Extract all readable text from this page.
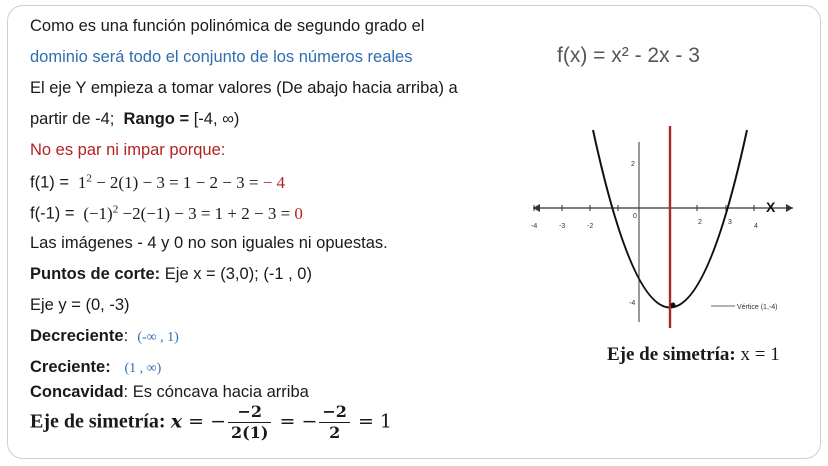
Como es una función polinómica de segundo grado el
dominio será todo el conjunto de los números reales
El eje Y empieza a tomar valores (De abajo hacia arriba) a
partir de -4; Rango = [-4, ∞)
No es par ni impar porque:
$f(1) = 1^2 - 2(1) - 3 = 1 - 2 - 3$ = − 4
$f(-1) = (-1)^2 -2(-1) - 3 = 1 + 2 - 3 = 0$
Las imágenes - 4 y 0 no son iguales ni opuestas.
Puntos de corte: Eje x = (3,0); (-1 , 0)
Eje y = (0, -3)
Decreciente: (-∞ , 1)
Creciente: (1 , ∞)
Concavidad: Es cóncava hacia arriba
Eje de simetría: x = − $\frac{-2}{2(1)}$ = − $\frac{-2}{2} = 1$
f(x) = x² - 2x - 3
-4	-3	-2
0
2	3
4
2
-4
X
Vértice (1,-4)
Eje de simetría: x = 1
